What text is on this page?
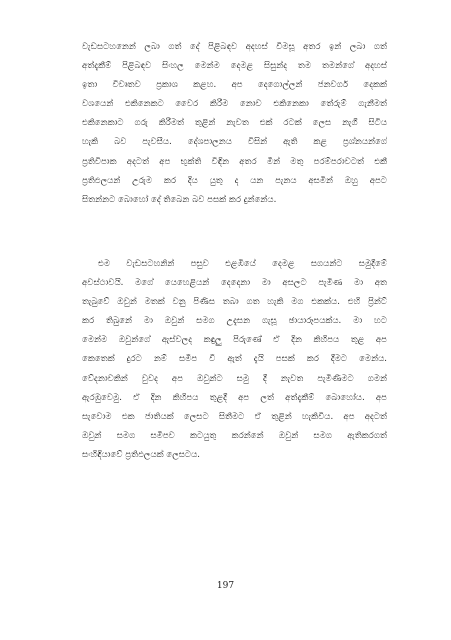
වැඩසටහනෙන් ලබා ගත් දේ පිළිබඳව අදහස් විමසූ අතර ඉන් ලබා ගත්
අත්දැකීම් පිළිබඳව සිංහල මෙන්ම දෙමළ සිසුන්ද තම තමන්ගේ අදහස්
ඉතා විවෘතව ප්‍රකාශ කළහ. අප දෙගොල්ලන් ජනවර්ග දෙකක්
වශයෙන් එකිනෙකට වෛර කිරීම නොව එකිනෙකා තේරුම් ගැනීමත්
එකිනෙකාට ගරු කිරීමත් තුළින් නැවත එක් රටක් ලෙස නැගී සිටිය
හැකි බව පැවසීය. දේශපාලනය විසින් ඇති කළ ප්‍රශ්නයන්ගේ
ප්‍රතිවිපාක අදටත් අප භුක්ති විඳින අතර මීන් මතු පරම්පරාවටත් එකී
ප්‍රතිඵලයන් උරුම කර දිය යුතු ද යන පැනය අසමින් ඔහු අපට
සිතන්නට බොහෝ දේ තිබෙන බව පසක් කර දුන්නේය.
එම වැඩසටහනින් පසුව එළඹියේ දෙමළ සගයන්ට සමුදීමේ
අවස්ථාවයි. මගේ යෙහෙළියන් දෙදෙනා මා අසලට පැමිණ මා අත
තැබුවේ ඔවුන් මතක් වනු පිණිස තබා ගත හැකි මග එකක්ය. එහි ප්‍රින්ට්
කර තිබුනේ මා ඔවුන් සමග උදැසන ගැසූ ඡායාරූපයක්ය. මා හට
මෙන්ම ඔවුන්ගේ ඇස්වලද කඳුලු පිරුණේ ඒ දින කිහිපය තුළ අප
කෙතෙක් දුරට නම් සමීප වී ඇත් දැයි පසක් කර දීමට මෙන්ය.
වේදනාවකින් වුවද අප ඔවුන්ට සමු දී නැවත පැමිණීමට ගමන්
ඇරඹුවෙමු. ඒ දින කිහිපය තුළදී අප ලත් අත්දැකීම් බොහෝය. අප
සැවොම එක ජාතියක් ලෙසට සිතීමට ඒ තුළින් හැකිවිය. අප අදටත්
ඔවුන් සමග සමීපව කටයුතු කරන්නේ ඔවුන් සමග ඇතිකරගත්
සංහිඳියාවේ ප්‍රතිඵලයක් ලෙසටය.

197
